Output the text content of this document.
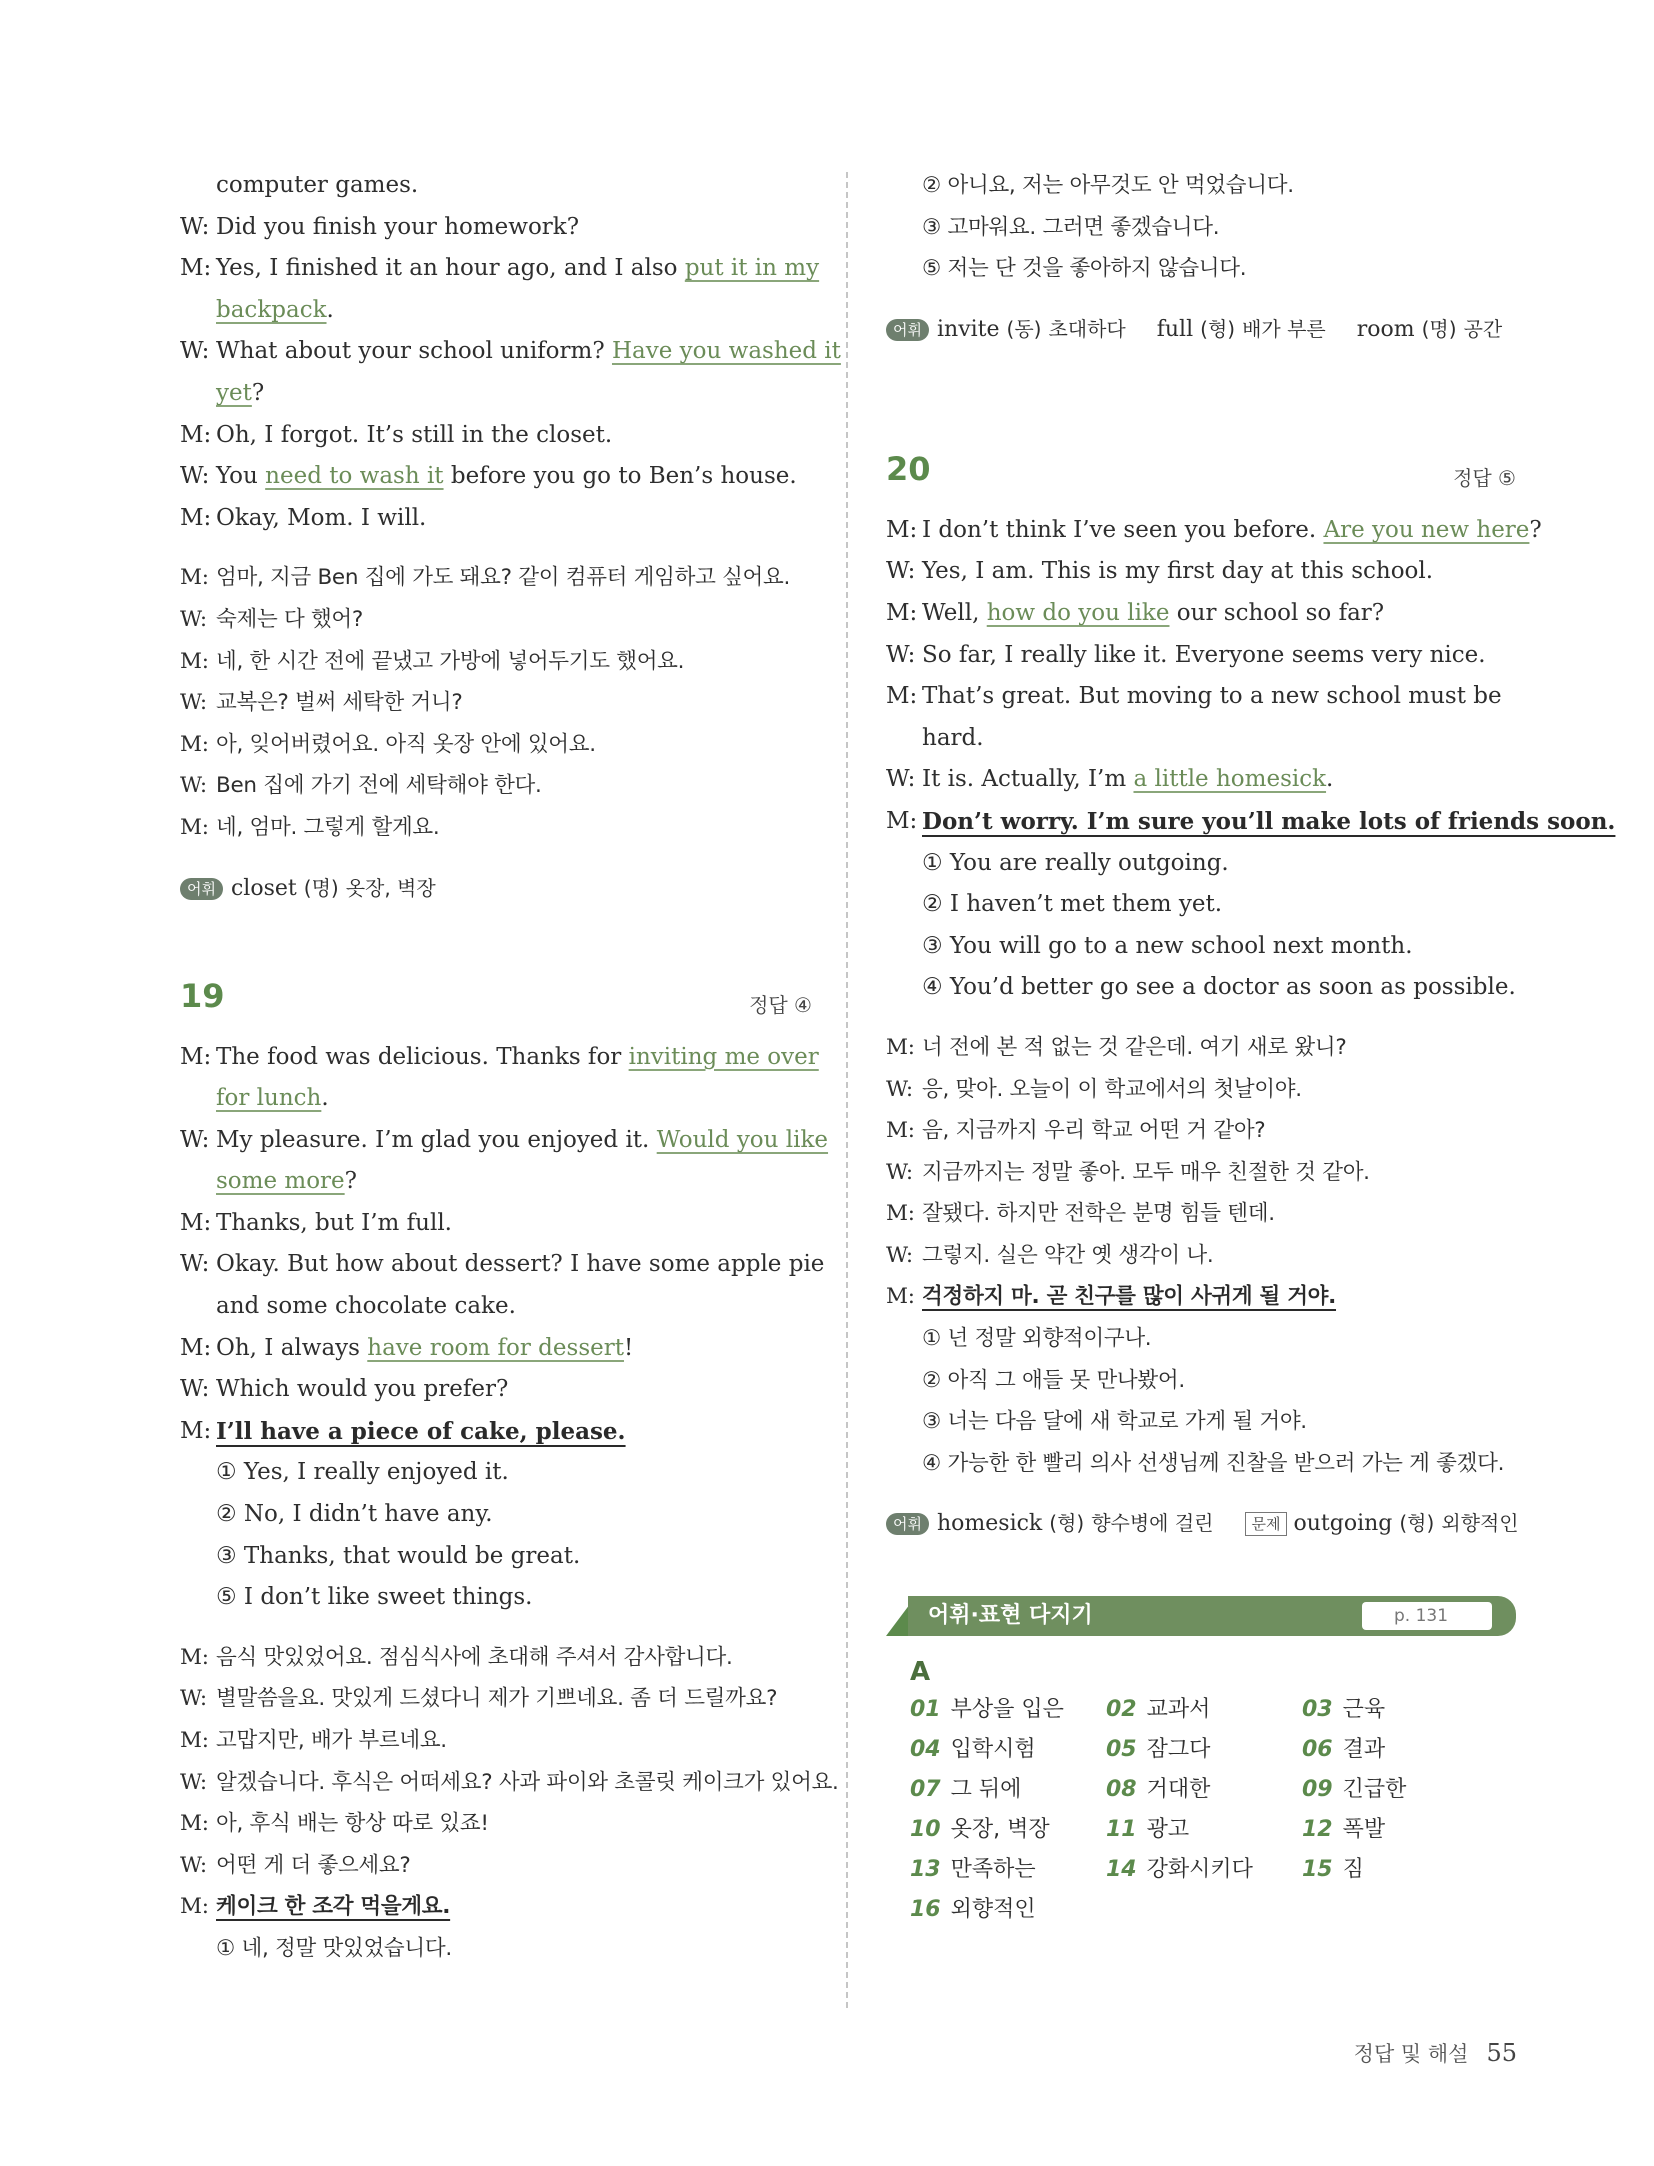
computer games.
W: Did you finish your homework?
M: Yes, I finished it an hour ago, and I also put it in my
backpack.
W: What about your school uniform? Have you washed it
yet?
M: Oh, I forgot. It’s still in the closet.
W: You need to wash it before you go to Ben’s house.
M: Okay, Mom. I will.
M: 엄마, 지금 Ben 집에 가도 돼요? 같이 컴퓨터 게임하고 싶어요.
W: 숙제는 다 했어?
M: 네, 한 시간 전에 끝냈고 가방에 넣어두기도 했어요.
W: 교복은? 벌써 세탁한 거니?
M: 아, 잊어버렸어요. 아직 옷장 안에 있어요.
W: Ben 집에 가기 전에 세탁해야 한다.
M: 네, 엄마. 그렇게 할게요.
어휘 closet (명) 옷장, 벽장
19	정답 ④
M: The food was delicious. Thanks for inviting me over
for lunch.
W: My pleasure. I’m glad you enjoyed it. Would you like
some more?
M: Thanks, but I’m full.
W: Okay. But how about dessert? I have some apple pie
and some chocolate cake.
M: Oh, I always have room for dessert!
W: Which would you prefer?
M: I’ll have a piece of cake, please.
① Yes, I really enjoyed it.
② No, I didn’t have any.
③ Thanks, that would be great.
⑤ I don’t like sweet things.
M: 음식 맛있었어요. 점심식사에 초대해 주셔서 감사합니다.
W: 별말씀을요. 맛있게 드셨다니 제가 기쁘네요. 좀 더 드릴까요?
M: 고맙지만, 배가 부르네요.
W: 알겠습니다. 후식은 어떠세요? 사과 파이와 초콜릿 케이크가 있어요.
M: 아, 후식 배는 항상 따로 있죠!
W: 어떤 게 더 좋으세요?
M: 케이크 한 조각 먹을게요.
① 네, 정말 맛있었습니다.
② 아니요, 저는 아무것도 안 먹었습니다.
③ 고마워요. 그러면 좋겠습니다.
⑤ 저는 단 것을 좋아하지 않습니다.
어휘 invite (동) 초대하다 full (형) 배가 부른 room (명) 공간
20	정답 ⑤
M: I don’t think I’ve seen you before. Are you new here?
W: Yes, I am. This is my first day at this school.
M: Well, how do you like our school so far?
W: So far, I really like it. Everyone seems very nice.
M: That’s great. But moving to a new school must be
hard.
W: It is. Actually, I’m a little homesick.
M: Don’t worry. I’m sure you’ll make lots of friends soon.
① You are really outgoing.
② I haven’t met them yet.
③ You will go to a new school next month.
④ You’d better go see a doctor as soon as possible.
M: 너 전에 본 적 없는 것 같은데. 여기 새로 왔니?
W: 응, 맞아. 오늘이 이 학교에서의 첫날이야.
M: 음, 지금까지 우리 학교 어떤 거 같아?
W: 지금까지는 정말 좋아. 모두 매우 친절한 것 같아.
M: 잘됐다. 하지만 전학은 분명 힘들 텐데.
W: 그렇지. 실은 약간 옛 생각이 나.
M: 걱정하지 마. 곧 친구를 많이 사귀게 될 거야.
① 넌 정말 외향적이구나.
② 아직 그 애들 못 만나봤어.
③ 너는 다음 달에 새 학교로 가게 될 거야.
④ 가능한 한 빨리 의사 선생님께 진찰을 받으러 가는 게 좋겠다.
어휘 homesick (형) 향수병에 걸린	문제 outgoing (형) 외향적인
어휘·표현 다지기	p. 131
A
01 부상을 입은 02 교과서	03 근육
04 입학시험	05 잠그다	06 결과
07 그 뒤에	08 거대한	09 긴급한
10 옷장, 벽장	11 광고	12 폭발
13 만족하는	14 강화시키다 15 짐
16 외향적인
정답 및 해설 55
